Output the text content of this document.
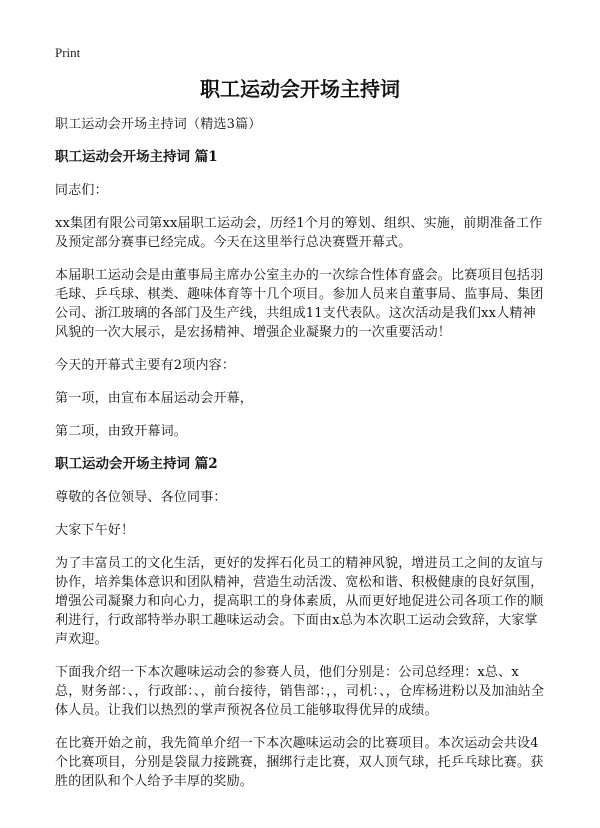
Print
职工运动会开场主持词
职工运动会开场主持词（精选3篇）
职工运动会开场主持词 篇1
同志们：
xx集团有限公司第xx届职工运动会，历经1个月的筹划、组织、实施，前期准备工作及预定部分赛事已经完成。今天在这里举行总决赛暨开幕式。
本届职工运动会是由董事局主席办公室主办的一次综合性体育盛会。比赛项目包括羽毛球、乒乓球、棋类、趣味体育等十几个项目。参加人员来自董事局、监事局、集团公司、浙江玻璃的各部门及生产线，共组成11支代表队。这次活动是我们xx人精神风貌的一次大展示，是宏扬精神、增强企业凝聚力的一次重要活动！
今天的开幕式主要有2项内容：
第一项，由宣布本届运动会开幕，
第二项，由致开幕词。
职工运动会开场主持词 篇2
尊敬的各位领导、各位同事：
大家下午好！
为了丰富员工的文化生活，更好的发挥石化员工的精神风貌，增进员工之间的友谊与协作，培养集体意识和团队精神，营造生动活泼、宽松和谐、积极健康的良好氛围，增强公司凝聚力和向心力，提高职工的身体素质，从而更好地促进公司各项工作的顺利进行，行政部特举办职工趣味运动会。下面由x总为本次职工运动会致辞，大家掌声欢迎。
下面我介绍一下本次趣味运动会的参赛人员，他们分别是：公司总经理：x总、x总，财务部：、，行政部：、，前台接待，销售部：，，司机：、，仓库杨进粉以及加油站全体人员。让我们以热烈的掌声预祝各位员工能够取得优异的成绩。
在比赛开始之前，我先简单介绍一下本次趣味运动会的比赛项目。本次运动会共设4个比赛项目，分别是袋鼠力接跳赛，捆绑行走比赛，双人顶气球，托乒乓球比赛。获胜的团队和个人给予丰厚的奖励。
